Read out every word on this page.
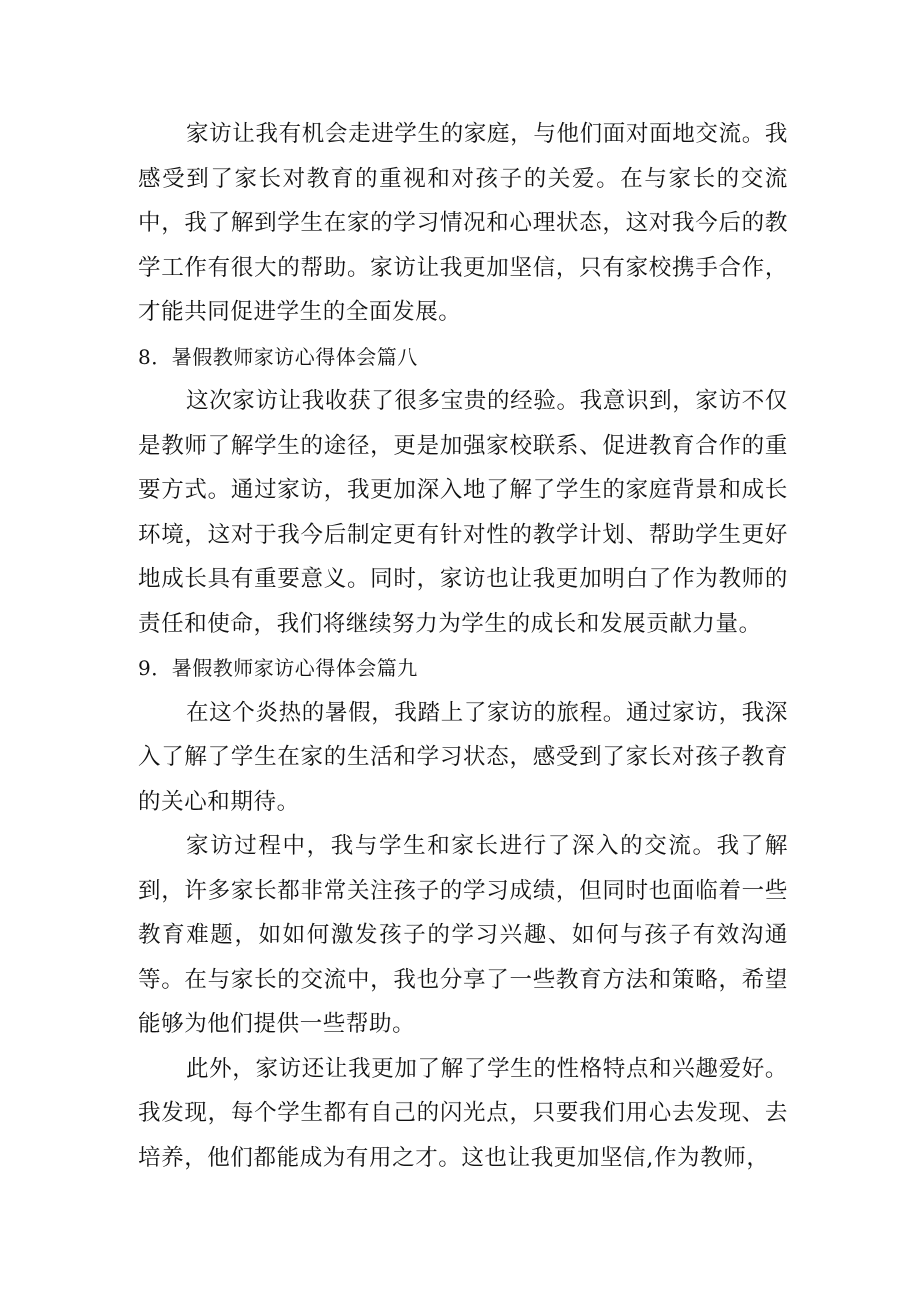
家访让我有机会走进学生的家庭，与他们面对面地交流。我感受到了家长对教育的重视和对孩子的关爱。在与家长的交流中，我了解到学生在家的学习情况和心理状态，这对我今后的教学工作有很大的帮助。家访让我更加坚信，只有家校携手合作，才能共同促进学生的全面发展。

8．暑假教师家访心得体会篇八

这次家访让我收获了很多宝贵的经验。我意识到，家访不仅是教师了解学生的途径，更是加强家校联系、促进教育合作的重要方式。通过家访，我更加深入地了解了学生的家庭背景和成长环境，这对于我今后制定更有针对性的教学计划、帮助学生更好地成长具有重要意义。同时，家访也让我更加明白了作为教师的责任和使命，我们将继续努力为学生的成长和发展贡献力量。

9．暑假教师家访心得体会篇九

在这个炎热的暑假，我踏上了家访的旅程。通过家访，我深入了解了学生在家的生活和学习状态，感受到了家长对孩子教育的关心和期待。

家访过程中，我与学生和家长进行了深入的交流。我了解到，许多家长都非常关注孩子的学习成绩，但同时也面临着一些教育难题，如如何激发孩子的学习兴趣、如何与孩子有效沟通等。在与家长的交流中，我也分享了一些教育方法和策略，希望能够为他们提供一些帮助。

此外，家访还让我更加了解了学生的性格特点和兴趣爱好。我发现，每个学生都有自己的闪光点，只要我们用心去发现、去培养，他们都能成为有用之才。这也让我更加坚信,作为教师，
